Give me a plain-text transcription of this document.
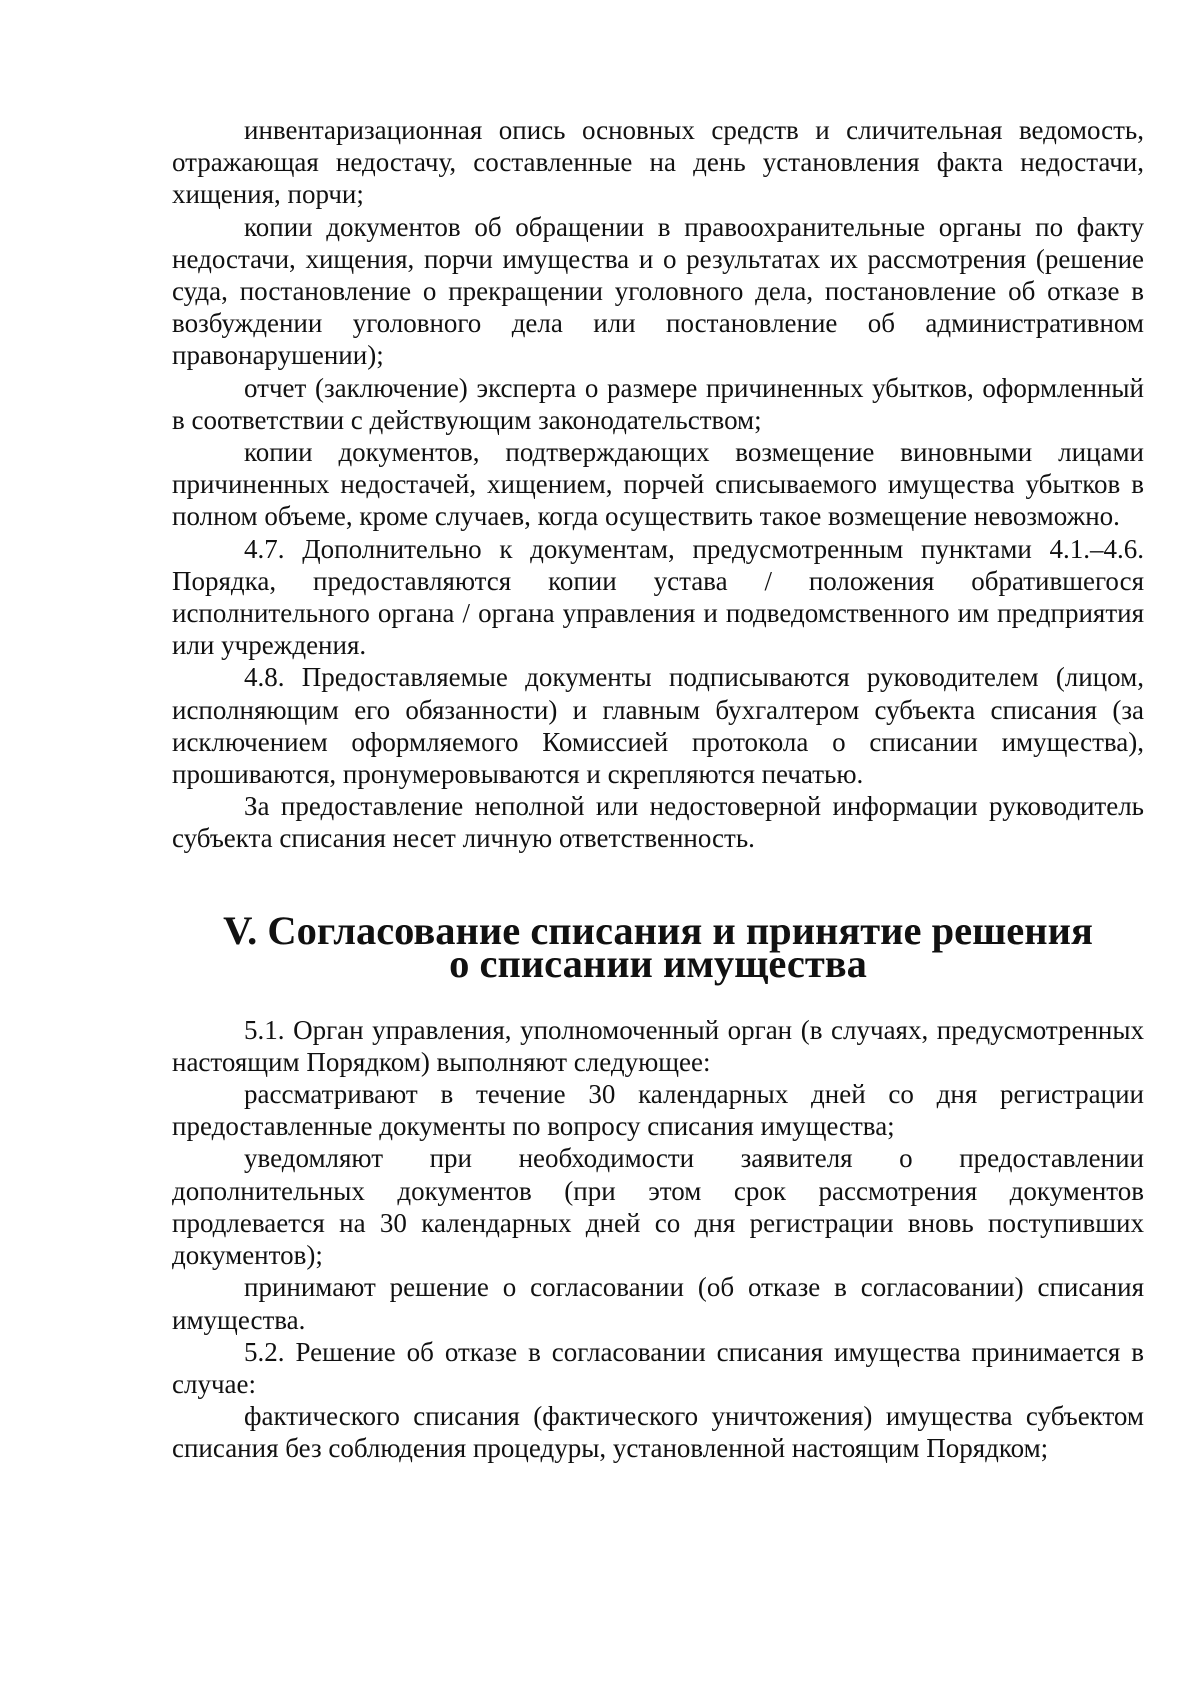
инвентаризационная опись основных средств и сличительная ведомость, отражающая недостачу, составленные на день установления факта недостачи, хищения, порчи;

копии документов об обращении в правоохранительные органы по факту недостачи, хищения, порчи имущества и о результатах их рассмотрения (решение суда, постановление о прекращении уголовного дела, постановление об отказе в возбуждении уголовного дела или постановление об административном правонарушении);

отчет (заключение) эксперта о размере причиненных убытков, оформленный в соответствии с действующим законодательством;

копии документов, подтверждающих возмещение виновными лицами причиненных недостачей, хищением, порчей списываемого имущества убытков в полном объеме, кроме случаев, когда осуществить такое возмещение невозможно.

4.7. Дополнительно к документам, предусмотренным пунктами 4.1.–4.6. Порядка, предоставляются копии устава / положения обратившегося исполнительного органа / органа управления и подведомственного им предприятия или учреждения.

4.8. Предоставляемые документы подписываются руководителем (лицом, исполняющим его обязанности) и главным бухгалтером субъекта списания (за исключением оформляемого Комиссией протокола о списании имущества), прошиваются, пронумеровываются и скрепляются печатью.

За предоставление неполной или недостоверной информации руководитель субъекта списания несет личную ответственность.

V. Согласование списания и принятие решения
о списании имущества

5.1. Орган управления, уполномоченный орган (в случаях, предусмотренных настоящим Порядком) выполняют следующее:

рассматривают в течение 30 календарных дней со дня регистрации предоставленные документы по вопросу списания имущества;

уведомляют при необходимости заявителя о предоставлении дополнительных документов (при этом срок рассмотрения документов продлевается на 30 календарных дней со дня регистрации вновь поступивших документов);

принимают решение о согласовании (об отказе в согласовании) списания имущества.

5.2. Решение об отказе в согласовании списания имущества принимается в случае:

фактического списания (фактического уничтожения) имущества субъектом списания без соблюдения процедуры, установленной настоящим Порядком;
